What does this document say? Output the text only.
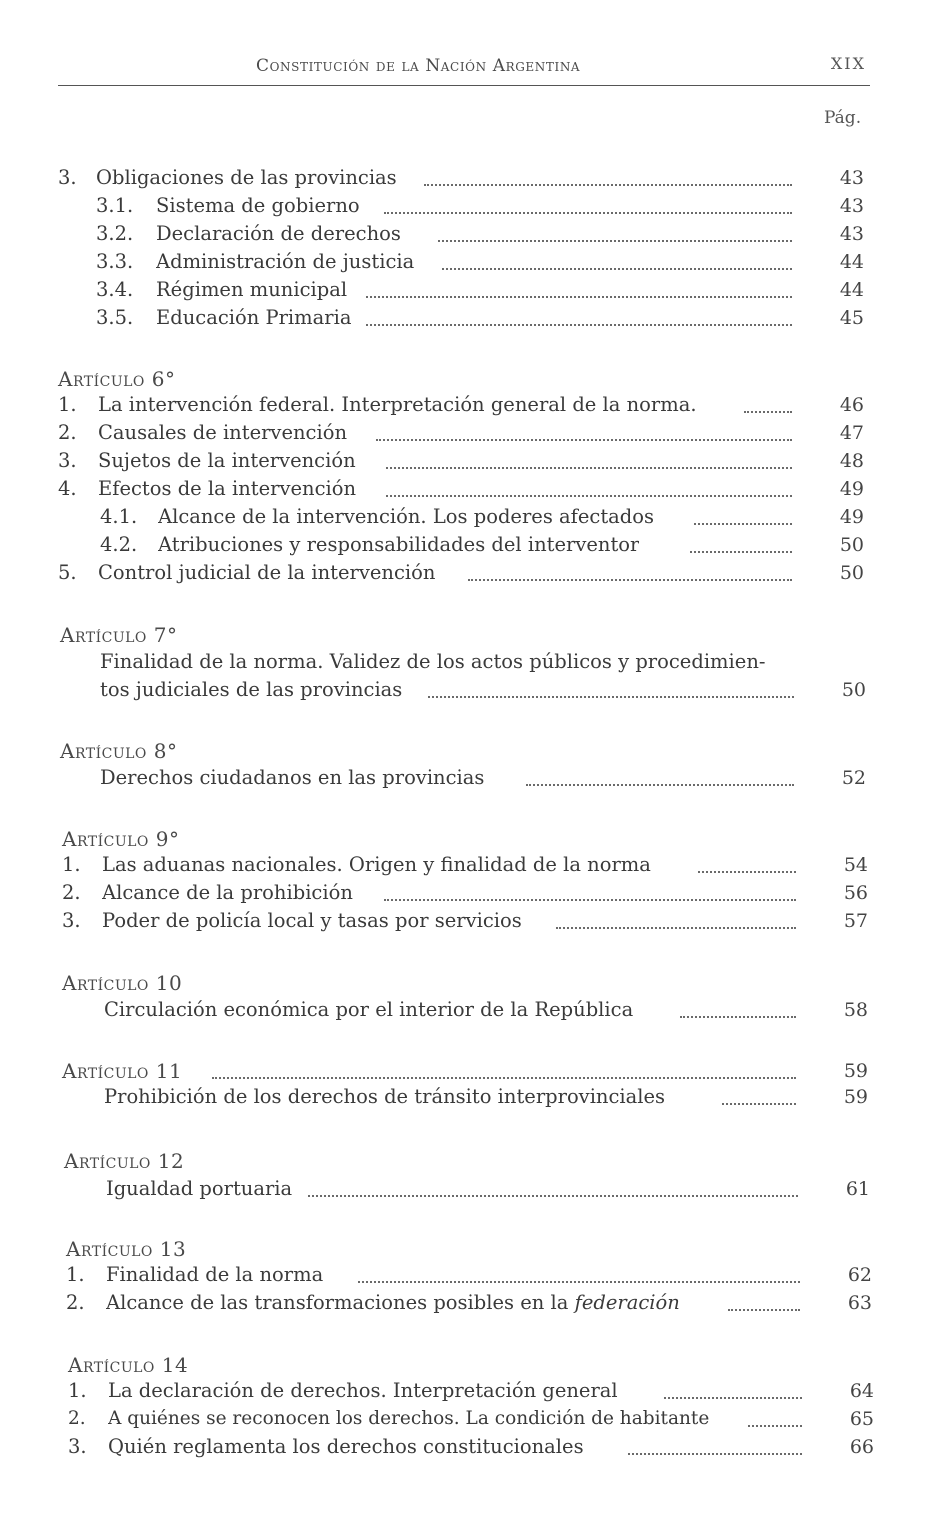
Constitución de la Nación Argentina	XIX
Pág.
3. Obligaciones de las provincias	43
3.1. Sistema de gobierno	43
3.2. Declaración de derechos	43
3.3. Administración de justicia	44
3.4. Régimen municipal	44
3.5. Educación Primaria	45
Artículo 6°
1. La intervención federal. Interpretación general de la norma.	46
2. Causales de intervención	47
3. Sujetos de la intervención	48
4. Efectos de la intervención	49
4.1. Alcance de la intervención. Los poderes afectados	49
4.2. Atribuciones y responsabilidades del interventor	50
5. Control judicial de la intervención	50
Artículo 7°
Finalidad de la norma. Validez de los actos públicos y procedimien-
tos judiciales de las provincias	50
Artículo 8°
Derechos ciudadanos en las provincias	52
Artículo 9°
1. Las aduanas nacionales. Origen y finalidad de la norma	54
2. Alcance de la prohibición	56
3. Poder de policía local y tasas por servicios	57
Artículo 10
Circulación económica por el interior de la República	58
Artículo 11	59
Prohibición de los derechos de tránsito interprovinciales	59
Artículo 12
Igualdad portuaria	61
Artículo 13
1. Finalidad de la norma	62
2. Alcance de las transformaciones posibles en la federación	63
Artículo 14
1. La declaración de derechos. Interpretación general	64
2. A quiénes se reconocen los derechos. La condición de habitante	65
3. Quién reglamenta los derechos constitucionales	66
